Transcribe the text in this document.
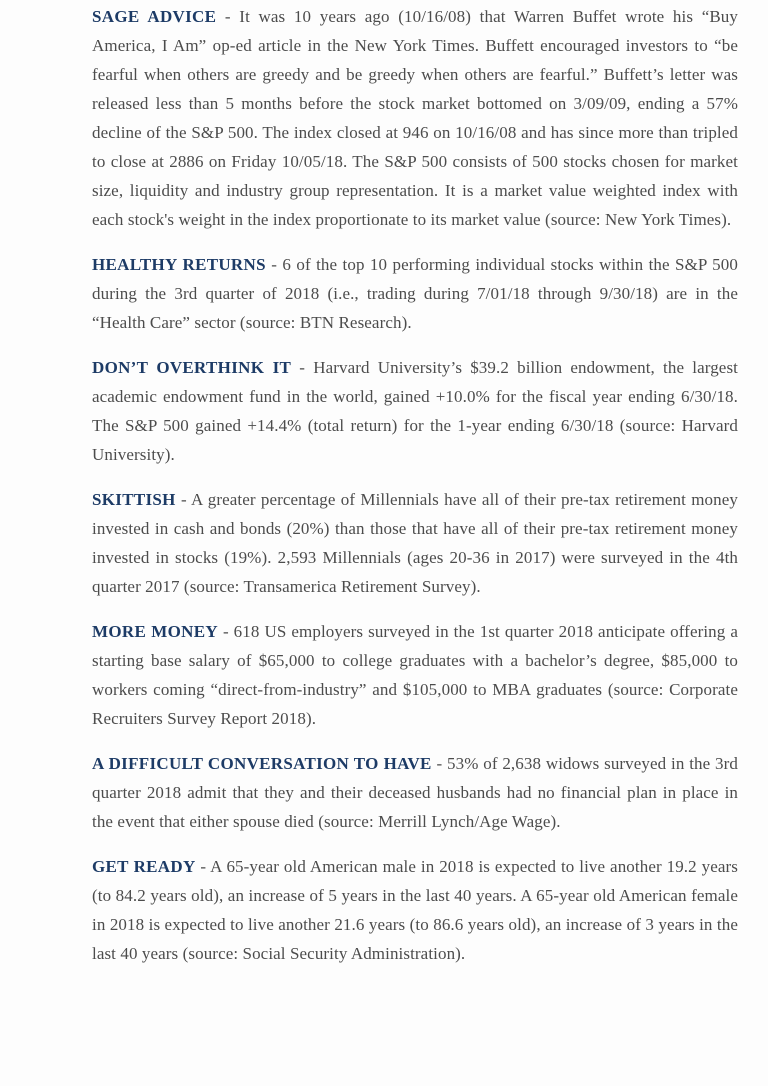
SAGE ADVICE - It was 10 years ago (10/16/08) that Warren Buffet wrote his “Buy America, I Am” op-ed article in the New York Times. Buffett encouraged investors to “be fearful when others are greedy and be greedy when others are fearful.” Buffett’s letter was released less than 5 months before the stock market bottomed on 3/09/09, ending a 57% decline of the S&P 500. The index closed at 946 on 10/16/08 and has since more than tripled to close at 2886 on Friday 10/05/18. The S&P 500 consists of 500 stocks chosen for market size, liquidity and industry group representation. It is a market value weighted index with each stock's weight in the index proportionate to its market value (source: New York Times).

HEALTHY RETURNS - 6 of the top 10 performing individual stocks within the S&P 500 during the 3rd quarter of 2018 (i.e., trading during 7/01/18 through 9/30/18) are in the “Health Care” sector (source: BTN Research).

DON’T OVERTHINK IT - Harvard University’s $39.2 billion endowment, the largest academic endowment fund in the world, gained +10.0% for the fiscal year ending 6/30/18. The S&P 500 gained +14.4% (total return) for the 1-year ending 6/30/18 (source: Harvard University).

SKITTISH - A greater percentage of Millennials have all of their pre-tax retirement money invested in cash and bonds (20%) than those that have all of their pre-tax retirement money invested in stocks (19%). 2,593 Millennials (ages 20-36 in 2017) were surveyed in the 4th quarter 2017 (source: Transamerica Retirement Survey).

MORE MONEY - 618 US employers surveyed in the 1st quarter 2018 anticipate offering a starting base salary of $65,000 to college graduates with a bachelor’s degree, $85,000 to workers coming “direct-from-industry” and $105,000 to MBA graduates (source: Corporate Recruiters Survey Report 2018).

A DIFFICULT CONVERSATION TO HAVE - 53% of 2,638 widows surveyed in the 3rd quarter 2018 admit that they and their deceased husbands had no financial plan in place in the event that either spouse died (source: Merrill Lynch/Age Wage).

GET READY - A 65-year old American male in 2018 is expected to live another 19.2 years (to 84.2 years old), an increase of 5 years in the last 40 years. A 65-year old American female in 2018 is expected to live another 21.6 years (to 86.6 years old), an increase of 3 years in the last 40 years (source: Social Security Administration).
